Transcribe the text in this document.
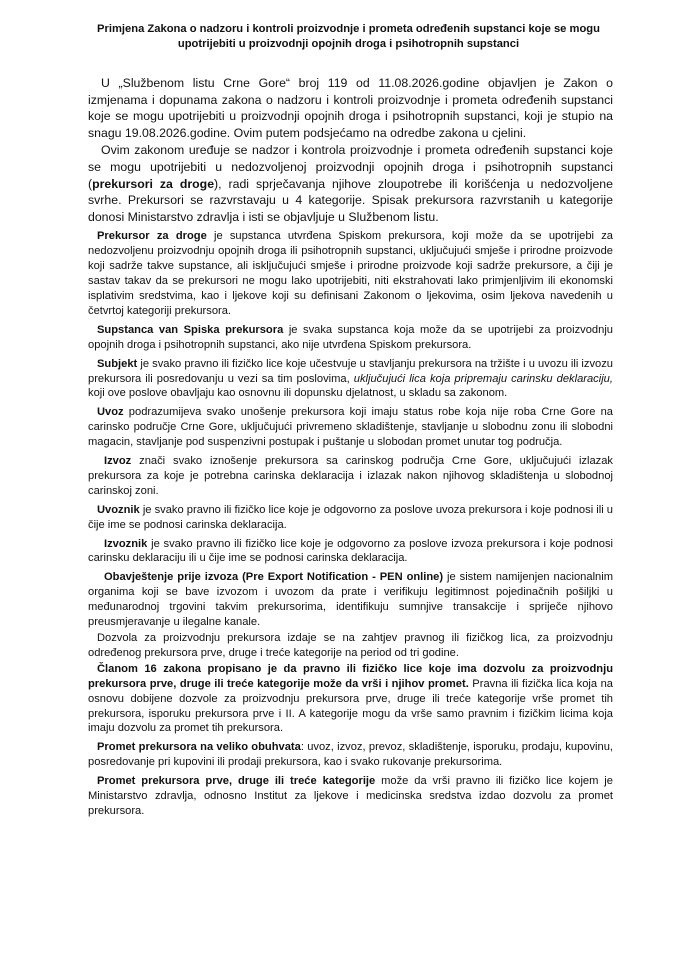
Primjena Zakona o nadzoru i kontroli proizvodnje i prometa određenih supstanci koje se mogu upotrijebiti u proizvodnji opojnih droga i psihotropnih supstanci

U „Službenom listu Crne Gore“ broj 119 od 11.08.2026.godine objavljen je Zakon o izmjenama i dopunama zakona o nadzoru i kontroli proizvodnje i prometa određenih supstanci koje se mogu upotrijebiti u proizvodnji opojnih droga i psihotropnih supstanci, koji je stupio na snagu 19.08.2026.godine. Ovim putem podsjećamo na odredbe zakona u cjelini.

Ovim zakonom uređuje se nadzor i kontrola proizvodnje i prometa određenih supstanci koje se mogu upotrijebiti u nedozvoljenoj proizvodnji opojnih droga i psihotropnih supstanci (prekursori za droge), radi sprječavanja njihove zloupotrebe ili korišćenja u nedozvoljene svrhe. Prekursori se razvrstavaju u 4 kategorije. Spisak prekursora razvrstanih u kategorije donosi Ministarstvo zdravlja i isti se objavljuje u Službenom listu.

Prekursor za droge je supstanca utvrđena Spiskom prekursora, koji može da se upotrijebi za nedozvoljenu proizvodnju opojnih droga ili psihotropnih supstanci, uključujući smješe i prirodne proizvode koji sadrže takve supstance, ali isključujući smješe i prirodne proizvode koji sadrže prekursore, a čiji je sastav takav da se prekursori ne mogu lako upotrijebiti, niti ekstrahovati lako primjenljivim ili ekonomski isplativim sredstvima, kao i ljekove koji su definisani Zakonom o ljekovima, osim ljekova navedenih u četvrtoj kategoriji prekursora.

Supstanca van Spiska prekursora je svaka supstanca koja može da se upotrijebi za proizvodnju opojnih droga i psihotropnih supstanci, ako nije utvrđena Spiskom prekursora.

Subjekt je svako pravno ili fizičko lice koje učestvuje u stavljanju prekursora na tržište i u uvozu ili izvozu prekursora ili posredovanju u vezi sa tim poslovima, uključujući lica koja pripremaju carinsku deklaraciju, koji ove poslove obavljaju kao osnovnu ili dopunsku djelatnost, u skladu sa zakonom.

Uvoz podrazumijeva svako unošenje prekursora koji imaju status robe koja nije roba Crne Gore na carinsko područje Crne Gore, uključujući privremeno skladištenje, stavljanje u slobodnu zonu ili slobodni magacin, stavljanje pod suspenzivni postupak i puštanje u slobodan promet unutar tog područja.

Izvoz znači svako iznošenje prekursora sa carinskog područja Crne Gore, uključujući izlazak prekursora za koje je potrebna carinska deklaracija i izlazak nakon njihovog skladištenja u slobodnoj carinskoj zoni.

Uvoznik je svako pravno ili fizičko lice koje je odgovorno za poslove uvoza prekursora i koje podnosi ili u čije ime se podnosi carinska deklaracija.

Izvoznik je svako pravno ili fizičko lice koje je odgovorno za poslove izvoza prekursora i koje podnosi carinsku deklaraciju ili u čije ime se podnosi carinska deklaracija.

Obavještenje prije izvoza (Pre Export Notification - PEN online) je sistem namijenjen nacionalnim organima koji se bave izvozom i uvozom da prate i verifikuju legitimnost pojedinačnih pošiljki u međunarodnoj trgovini takvim prekursorima, identifikuju sumnjive transakcije i spriječe njihovo preusmjeravanje u ilegalne kanale.

Dozvola za proizvodnju prekursora izdaje se na zahtjev pravnog ili fizičkog lica, za proizvodnju određenog prekursora prve, druge i treće kategorije na period od tri godine.

Članom 16 zakona propisano je da pravno ili fizičko lice koje ima dozvolu za proizvodnju prekursora prve, druge ili treće kategorije može da vrši i njihov promet. Pravna ili fizička lica koja na osnovu dobijene dozvole za proizvodnju prekursora prve, druge ili treće kategorije vrše promet tih prekursora, isporuku prekursora prve i II. A kategorije mogu da vrše samo pravnim i fizičkim licima koja imaju dozvolu za promet tih prekursora.

Promet prekursora na veliko obuhvata: uvoz, izvoz, prevoz, skladištenje, isporuku, prodaju, kupovinu, posredovanje pri kupovini ili prodaji prekursora, kao i svako rukovanje prekursorima.

Promet prekursora prve, druge ili treće kategorije može da vrši pravno ili fizičko lice kojem je Ministarstvo zdravlja, odnosno Institut za ljekove i medicinska sredstva izdao dozvolu za promet prekursora.
